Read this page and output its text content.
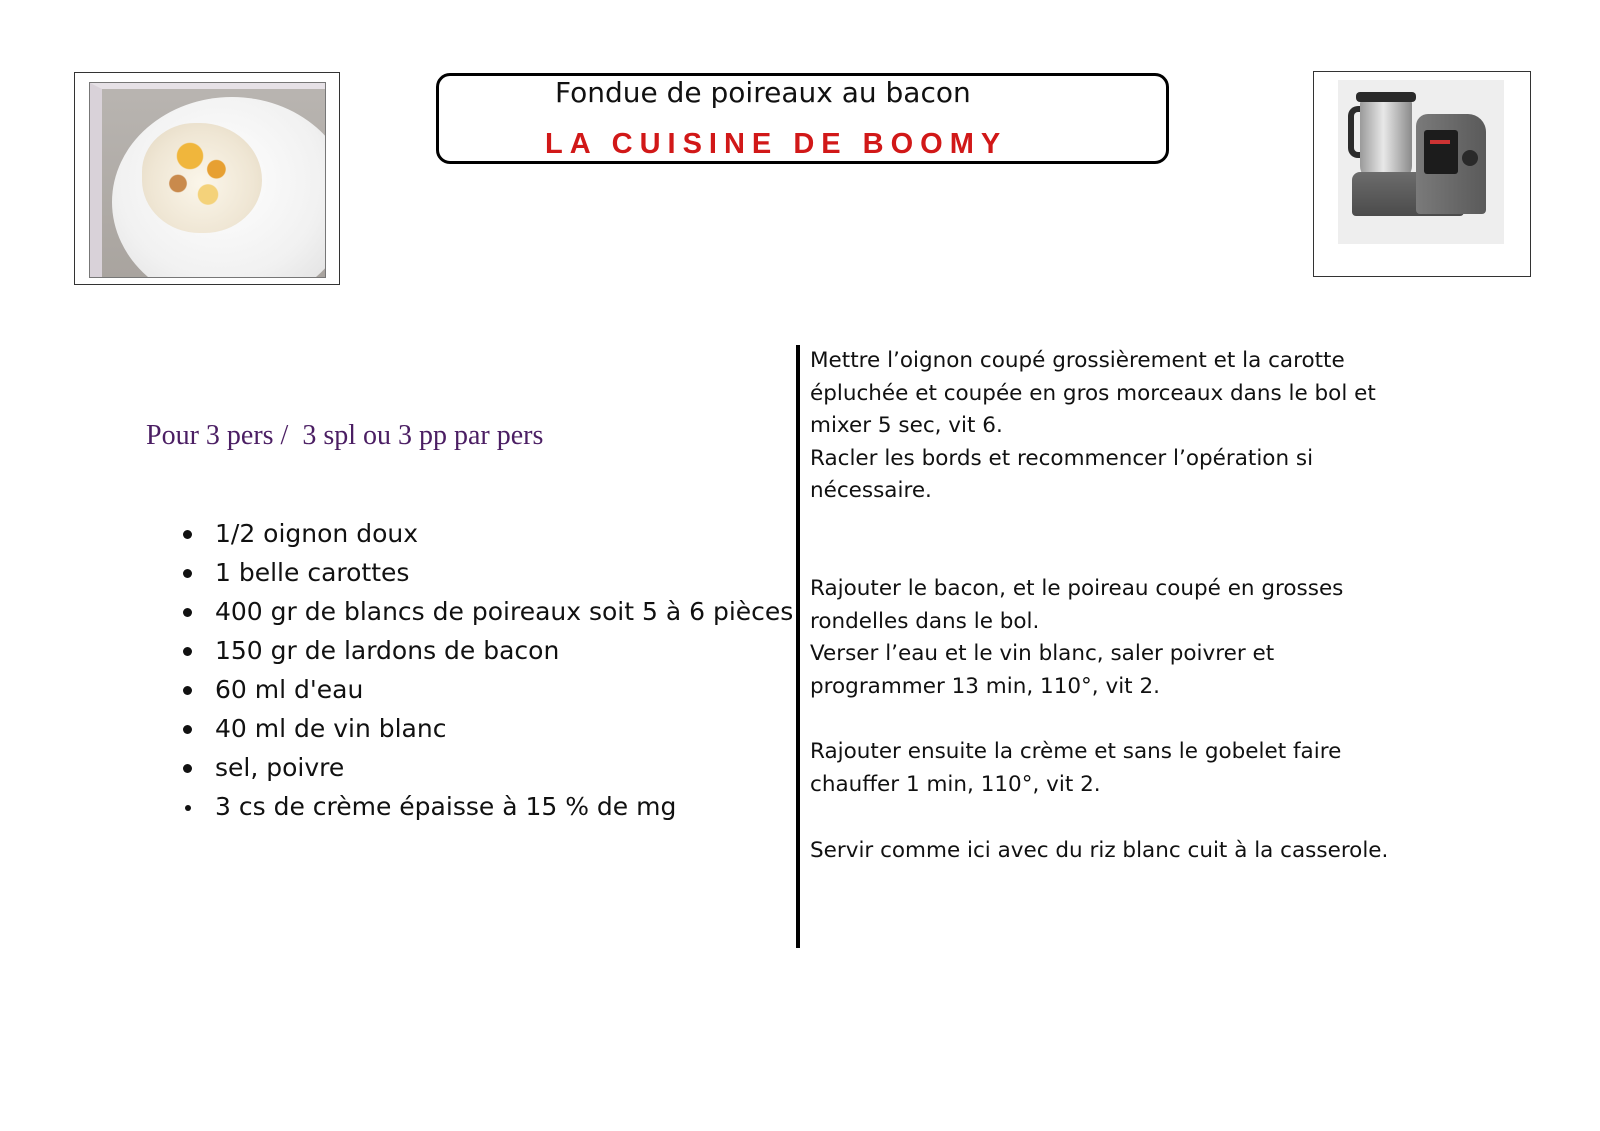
Fondue de poireaux au bacon
LA CUISINE DE BOOMY
Pour 3 pers /  3 spl ou 3 pp par pers
1/2 oignon doux
1 belle carottes
400 gr de blancs de poireaux soit 5 à 6 pièces
150 gr de lardons de bacon
60 ml d'eau
40 ml de vin blanc
sel, poivre
3 cs de crème épaisse à 15 % de mg
Mettre l’oignon coupé grossièrement et la carotte
épluchée et coupée en gros morceaux dans le bol et
mixer 5 sec, vit 6.
Racler les bords et recommencer l’opération si
nécessaire.
Rajouter le bacon, et le poireau coupé en grosses
rondelles dans le bol.
Verser l’eau et le vin blanc, saler poivrer et
programmer 13 min, 110°, vit 2.
Rajouter ensuite la crème et sans le gobelet faire
chauffer 1 min, 110°, vit 2.
Servir comme ici avec du riz blanc cuit à la casserole.
